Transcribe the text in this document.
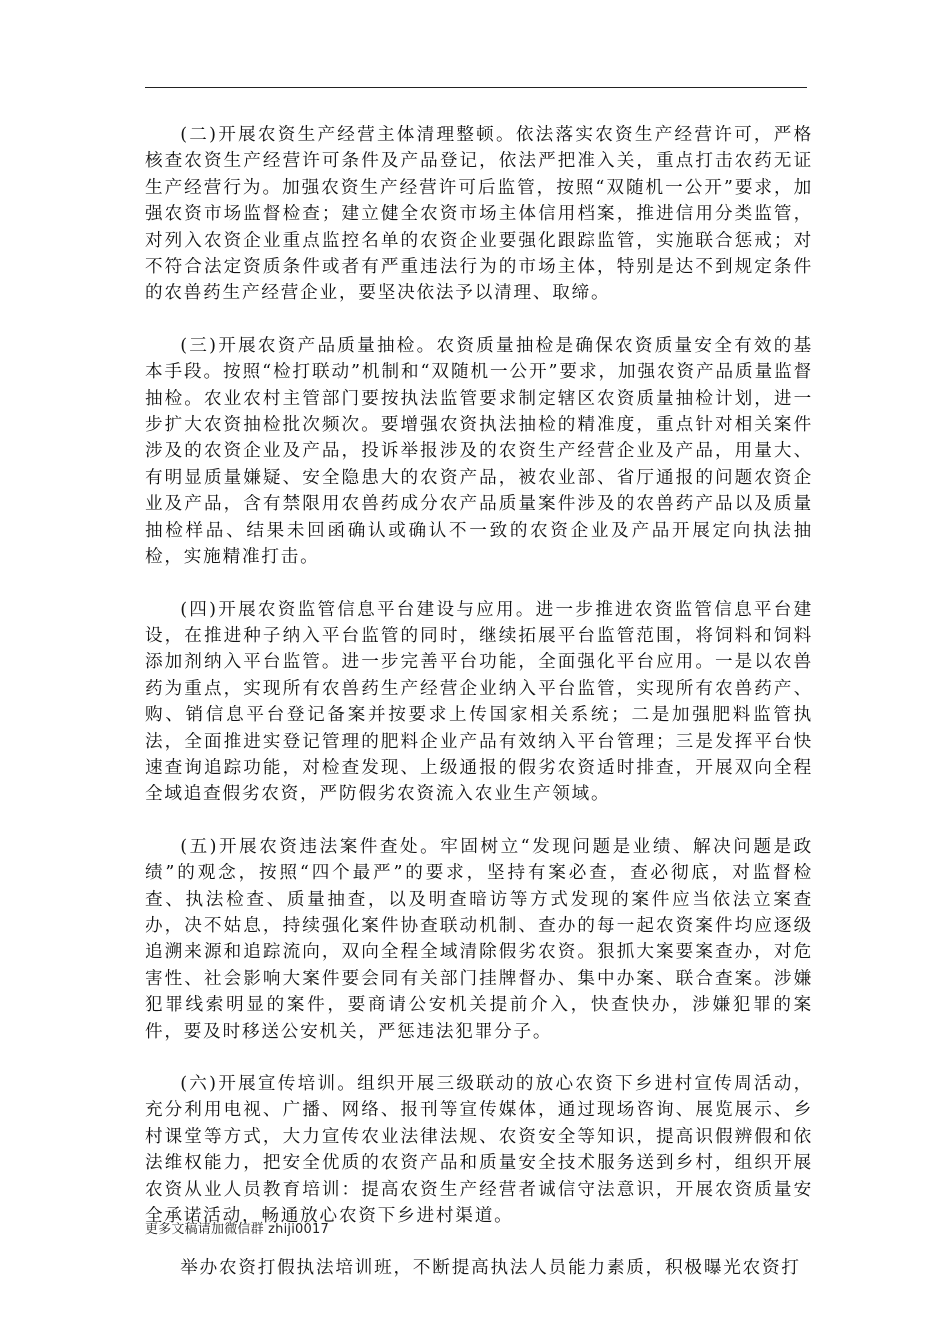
(二)开展农资生产经营主体清理整顿。依法落实农资生产经营许可，严格核查农资生产经营许可条件及产品登记，依法严把准入关，重点打击农药无证生产经营行为。加强农资生产经营许可后监管，按照“双随机一公开”要求，加强农资市场监督检查；建立健全农资市场主体信用档案，推进信用分类监管，对列入农资企业重点监控名单的农资企业要强化跟踪监管，实施联合惩戒；对不符合法定资质条件或者有严重违法行为的市场主体，特别是达不到规定条件的农兽药生产经营企业，要坚决依法予以清理、取缔。

(三)开展农资产品质量抽检。农资质量抽检是确保农资质量安全有效的基本手段。按照“检打联动”机制和“双随机一公开”要求，加强农资产品质量监督抽检。农业农村主管部门要按执法监管要求制定辖区农资质量抽检计划，进一步扩大农资抽检批次频次。要增强农资执法抽检的精准度，重点针对相关案件涉及的农资企业及产品，投诉举报涉及的农资生产经营企业及产品，用量大、有明显质量嫌疑、安全隐患大的农资产品，被农业部、省厅通报的问题农资企业及产品，含有禁限用农兽药成分农产品质量案件涉及的农兽药产品以及质量抽检样品、结果未回函确认或确认不一致的农资企业及产品开展定向执法抽检，实施精准打击。

(四)开展农资监管信息平台建设与应用。进一步推进农资监管信息平台建设，在推进种子纳入平台监管的同时，继续拓展平台监管范围，将饲料和饲料添加剂纳入平台监管。进一步完善平台功能，全面强化平台应用。一是以农兽药为重点，实现所有农兽药生产经营企业纳入平台监管，实现所有农兽药产、购、销信息平台登记备案并按要求上传国家相关系统；二是加强肥料监管执法，全面推进实登记管理的肥料企业产品有效纳入平台管理；三是发挥平台快速查询追踪功能，对检查发现、上级通报的假劣农资适时排查，开展双向全程全域追查假劣农资，严防假劣农资流入农业生产领域。

(五)开展农资违法案件查处。牢固树立“发现问题是业绩、解决问题是政绩”的观念，按照“四个最严”的要求，坚持有案必查，查必彻底，对监督检查、执法检查、质量抽查，以及明查暗访等方式发现的案件应当依法立案查办，决不姑息，持续强化案件协查联动机制、查办的每一起农资案件均应逐级追溯来源和追踪流向，双向全程全域清除假劣农资。狠抓大案要案查办，对危害性、社会影响大案件要会同有关部门挂牌督办、集中办案、联合查案。涉嫌犯罪线索明显的案件，要商请公安机关提前介入，快查快办，涉嫌犯罪的案件，要及时移送公安机关，严惩违法犯罪分子。

(六)开展宣传培训。组织开展三级联动的放心农资下乡进村宣传周活动，充分利用电视、广播、网络、报刊等宣传媒体，通过现场咨询、展览展示、乡村课堂等方式，大力宣传农业法律法规、农资安全等知识，提高识假辨假和依法维权能力，把安全优质的农资产品和质量安全技术服务送到乡村，组织开展农资从业人员教育培训：提高农资生产经营者诚信守法意识，开展农资质量安全承诺活动，畅通放心农资下乡进村渠道。

举办农资打假执法培训班，不断提高执法人员能力素质，积极曝光农资打

更多文稿请加微信群 zhiji0017
